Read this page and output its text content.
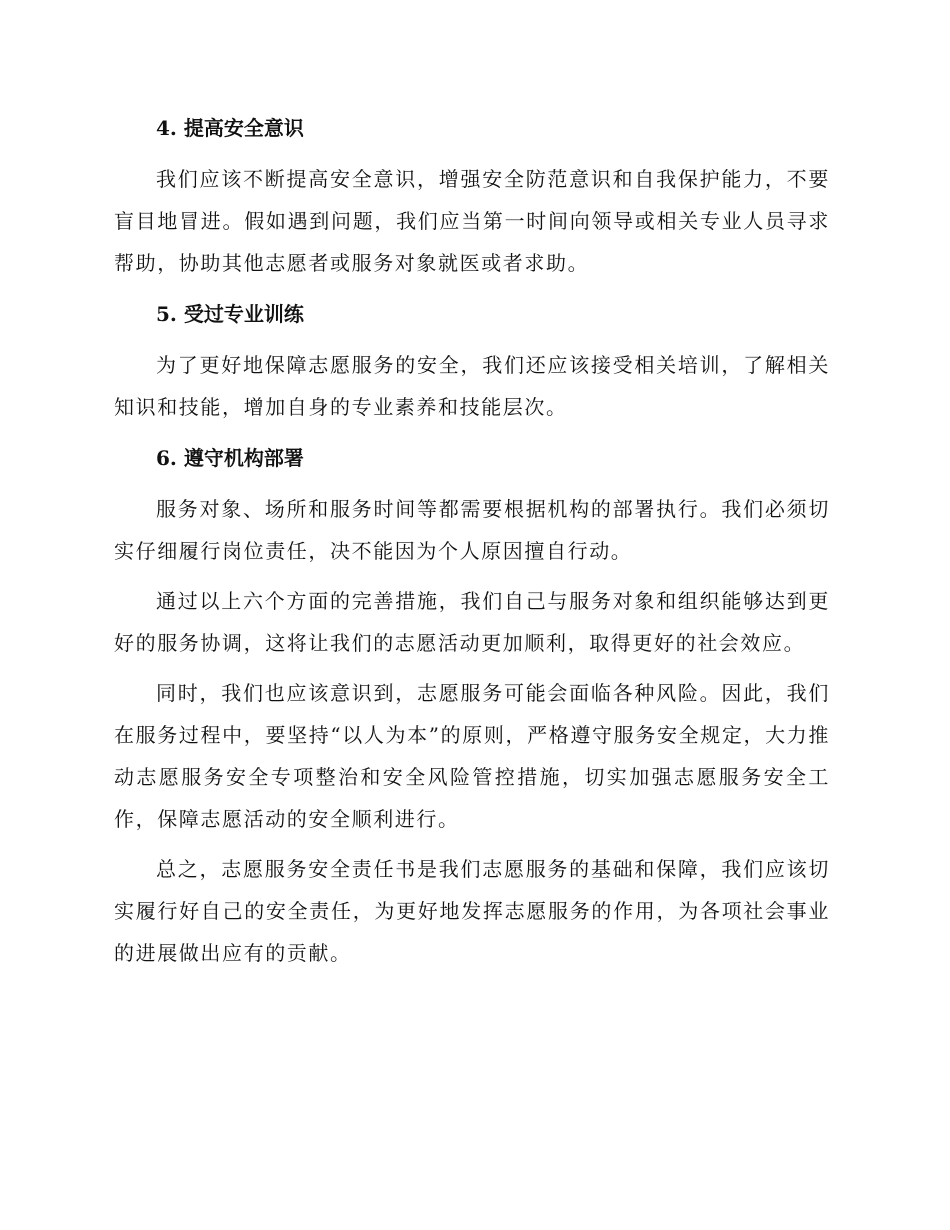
4. 提高安全意识

我们应该不断提高安全意识，增强安全防范意识和自我保护能力，不要盲目地冒进。假如遇到问题，我们应当第一时间向领导或相关专业人员寻求帮助，协助其他志愿者或服务对象就医或者求助。

5. 受过专业训练

为了更好地保障志愿服务的安全，我们还应该接受相关培训，了解相关知识和技能，增加自身的专业素养和技能层次。

6. 遵守机构部署

服务对象、场所和服务时间等都需要根据机构的部署执行。我们必须切实仔细履行岗位责任，决不能因为个人原因擅自行动。

通过以上六个方面的完善措施，我们自己与服务对象和组织能够达到更好的服务协调，这将让我们的志愿活动更加顺利，取得更好的社会效应。

同时，我们也应该意识到，志愿服务可能会面临各种风险。因此，我们在服务过程中，要坚持“以人为本”的原则，严格遵守服务安全规定，大力推动志愿服务安全专项整治和安全风险管控措施，切实加强志愿服务安全工作，保障志愿活动的安全顺利进行。

总之，志愿服务安全责任书是我们志愿服务的基础和保障，我们应该切实履行好自己的安全责任，为更好地发挥志愿服务的作用，为各项社会事业的进展做出应有的贡献。
